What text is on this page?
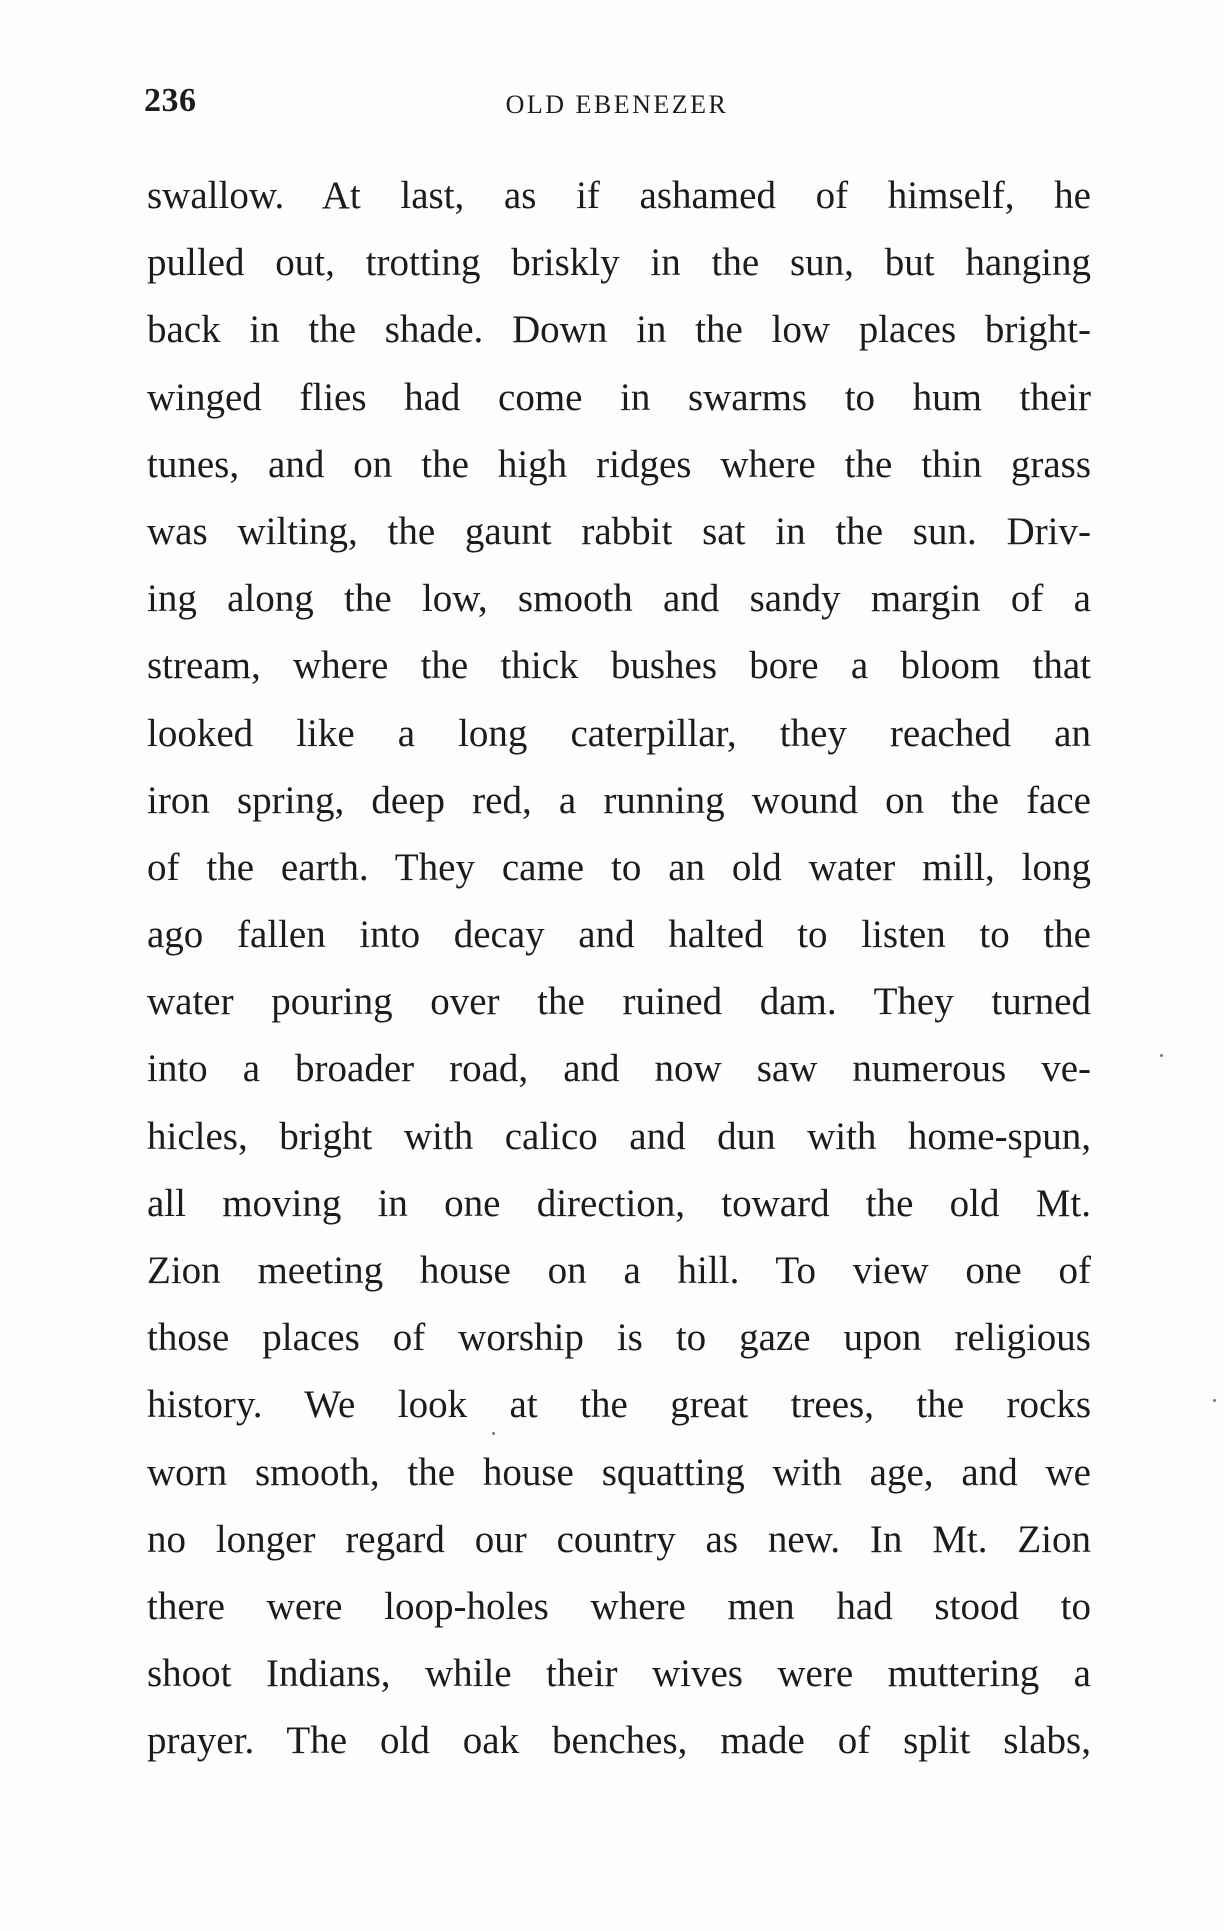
236	OLD EBENEZER
swallow. At last, as if ashamed of himself, he
pulled out, trotting briskly in the sun, but hanging
back in the shade. Down in the low places bright-
winged flies had come in swarms to hum their
tunes, and on the high ridges where the thin grass
was wilting, the gaunt rabbit sat in the sun. Driv-
ing along the low, smooth and sandy margin of a
stream, where the thick bushes bore a bloom that
looked like a long caterpillar, they reached an
iron spring, deep red, a running wound on the face
of the earth. They came to an old water mill, long
ago fallen into decay and halted to listen to the
water pouring over the ruined dam. They turned
into a broader road, and now saw numerous ve-
hicles, bright with calico and dun with home-spun,
all moving in one direction, toward the old Mt.
Zion meeting house on a hill. To view one of
those places of worship is to gaze upon religious
history. We look at the great trees, the rocks
worn smooth, the house squatting with age, and we
no longer regard our country as new. In Mt. Zion
there were loop-holes where men had stood to
shoot Indians, while their wives were muttering a
prayer. The old oak benches, made of split slabs,
